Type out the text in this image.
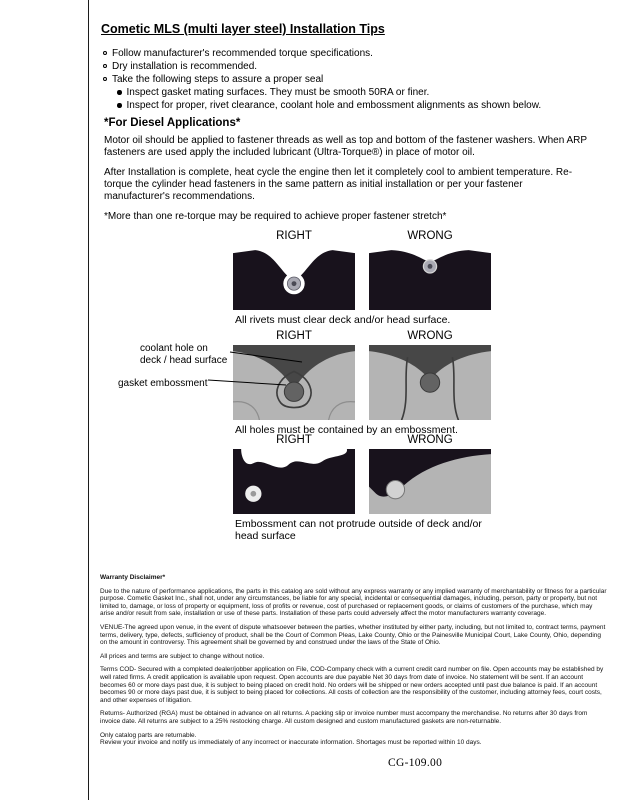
Cometic MLS (multi layer steel) Installation Tips
Follow manufacturer's recommended torque specifications.
Dry installation is recommended.
Take the following steps to assure a proper seal
Inspect gasket mating surfaces. They must be smooth 50RA or finer.
Inspect for proper, rivet clearance, coolant hole and embossment alignments as shown below.
*For Diesel Applications*

Motor oil should be applied to fastener threads as well as top and bottom of the fastener washers. When ARP fasteners are used apply the included lubricant (Ultra-Torque®) in place of motor oil.

After Installation is complete, heat cycle the engine then let it completely cool to ambient temperature. Re-torque the cylinder head fasteners in the same pattern as initial installation or per your fastener manufacturer's recommendations.

*More than one re-torque may be required to achieve proper fastener stretch*

RIGHT	WRONG
All rivets must clear deck and/or head surface.
RIGHT	WRONG
All holes must be contained by an embossment.
coolant hole on deck / head surface
gasket embossment
RIGHT	WRONG
Embossment can not protrude outside of deck and/or head surface
Warranty Disclaimer*

Due to the nature of performance applications, the parts in this catalog are sold without any express warranty or any implied warranty of merchantability or fitness for a particular purpose. Cometic Gasket Inc., shall not, under any circumstances, be liable for any special, incidental or consequential damages, including, person, party or property, but not limited to, damage, or loss of property or equipment, loss of profits or revenue, cost of purchased or replacement goods, or claims of customers of the purchase, which may arise and/or result from sale, installation or use of these parts. Installation of these parts could adversely affect the motor manufacturers warranty coverage.

VENUE-The agreed upon venue, in the event of dispute whatsoever between the parties, whether instituted by either party, including, but not limited to, contract terms, payment terms, delivery, type, defects, sufficiency of product, shall be the Court of Common Pleas, Lake County, Ohio or the Painesville Municipal Court, Lake County, Ohio, depending on the amount in controversy. This agreement shall be governed by and construed under the laws of the State of Ohio.

All prices and terms are subject to change without notice.

Terms COD- Secured with a completed dealer/jobber application on File, COD-Company check with a current credit card number on file. Open accounts may be established by well rated firms. A credit application is available upon request. Open accounts are due payable Net 30 days from date of invoice. No statement will be sent. If an account becomes 60 or more days past due, it is subject to being placed on credit hold. No orders will be shipped or new orders accepted until past due balance is paid. If an account becomes 90 or more days past due, it is subject to being placed for collections. All costs of collection are the responsibility of the customer, including attorney fees, court costs, and other expenses of litigation.

Returns- Authorized (RGA) must be obtained in advance on all returns. A packing slip or invoice number must accompany the merchandise. No returns after 30 days from invoice date. All returns are subject to a 25% restocking charge. All custom designed and custom manufactured gaskets are non-returnable.

Only catalog parts are returnable.

Review your invoice and notify us immediately of any incorrect or inaccurate information. Shortages must be reported within 10 days.

CG-109.00
